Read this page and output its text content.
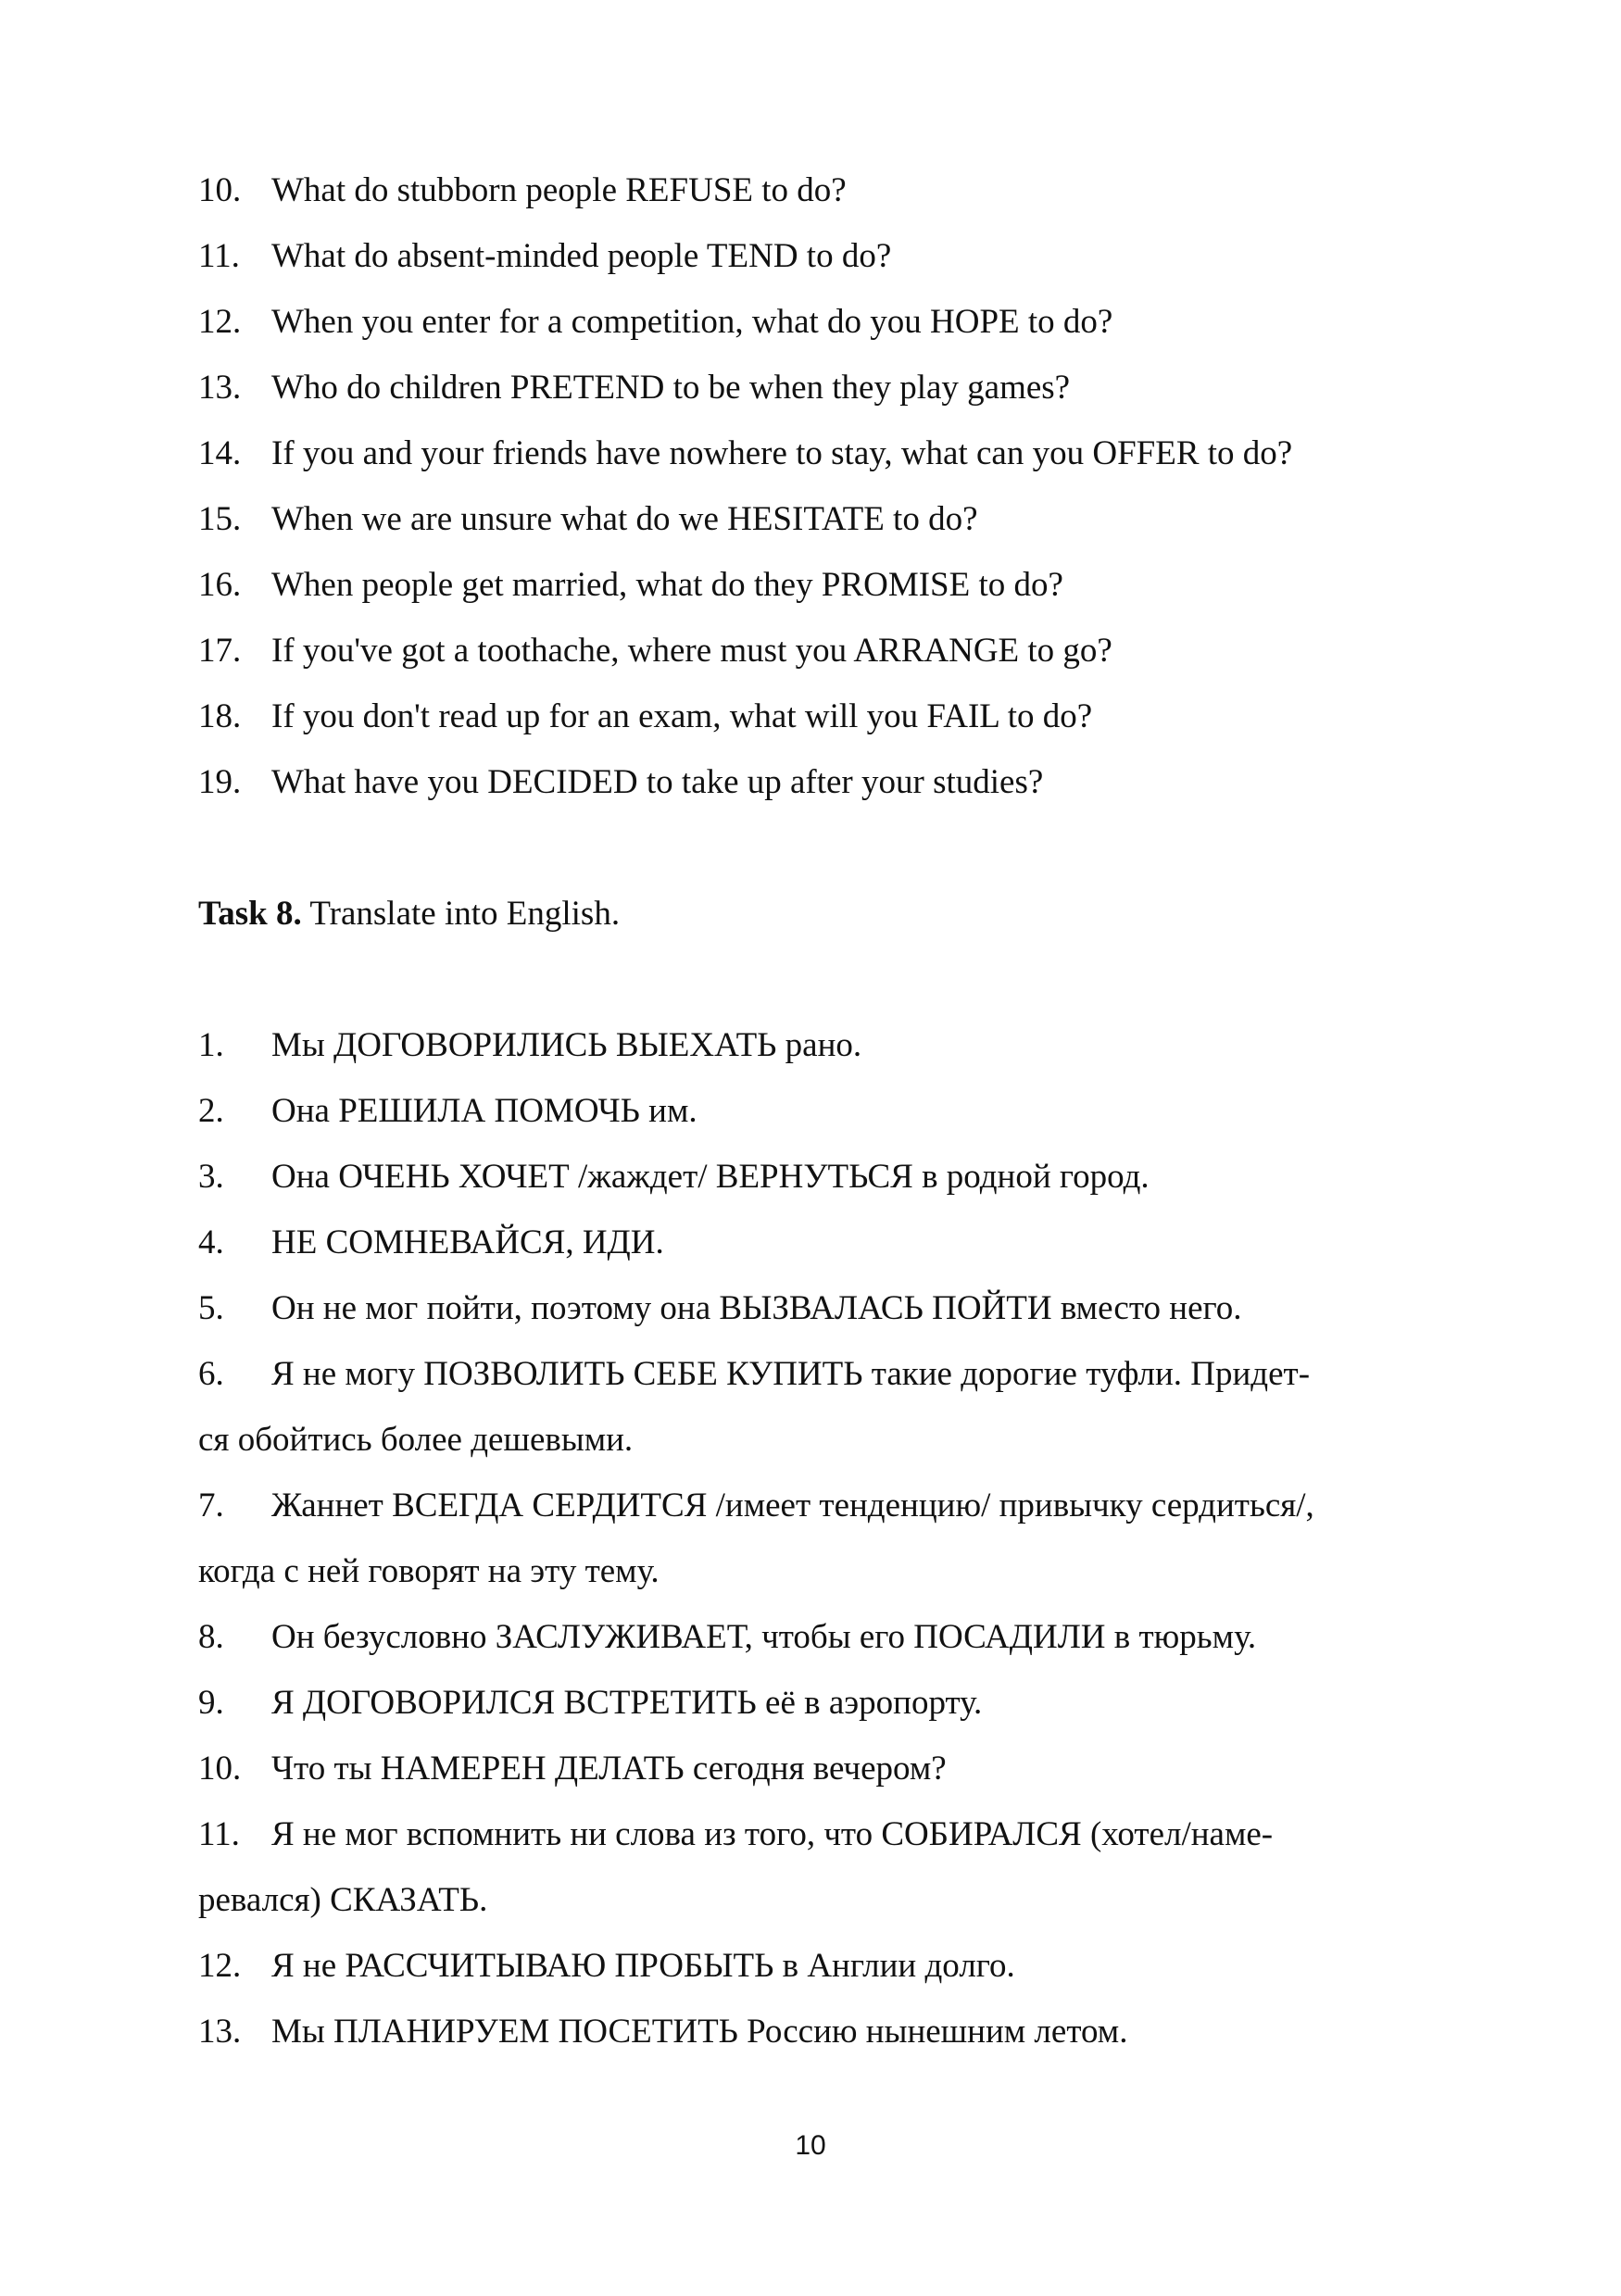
10. What do stubborn people REFUSE to do?
11. What do absent-minded people TEND to do?
12. When you enter for a competition, what do you HOPE to do?
13. Who do children PRETEND to be when they play games?
14. If you and your friends have nowhere to stay, what can you OFFER to do?
15. When we are unsure what do we HESITATE to do?
16. When people get married, what do they PROMISE to do?
17. If you've got a toothache, where must you ARRANGE to go?
18. If you don't read up for an exam, what will you FAIL to do?
19. What have you DECIDED to take up after your studies?
Task 8. Translate into English.
1. Мы ДОГОВОРИЛИСЬ ВЫЕХАТЬ рано.
2. Она РЕШИЛА ПОМОЧЬ им.
3. Она ОЧЕНЬ ХОЧЕТ /жаждет/ ВЕРНУТЬСЯ в родной город.
4. НЕ СОМНЕВАЙСЯ, ИДИ.
5. Он не мог пойти, поэтому она ВЫЗВАЛАСЬ ПОЙТИ вместо него.
6. Я не могу ПОЗВОЛИТЬ СЕБЕ КУПИТЬ такие дорогие туфли. Придет-
ся обойтись более дешевыми.
7. Жаннет ВСЕГДА СЕРДИТСЯ /имеет тенденцию/ привычку сердиться/,
когда с ней говорят на эту тему.
8. Он безусловно ЗАСЛУЖИВАЕТ, чтобы его ПОСАДИЛИ в тюрьму.
9. Я ДОГОВОРИЛСЯ ВСТРЕТИТЬ её в аэропорту.
10. Что ты НАМЕРЕН ДЕЛАТЬ сегодня вечером?
11. Я не мог вспомнить ни слова из того, что СОБИРАЛСЯ (хотел/наме-
ревался) СКАЗАТЬ.
12. Я не РАССЧИТЫВАЮ ПРОБЫТЬ в Англии долго.
13. Мы ПЛАНИРУЕМ ПОСЕТИТЬ Россию нынешним летом.
10
